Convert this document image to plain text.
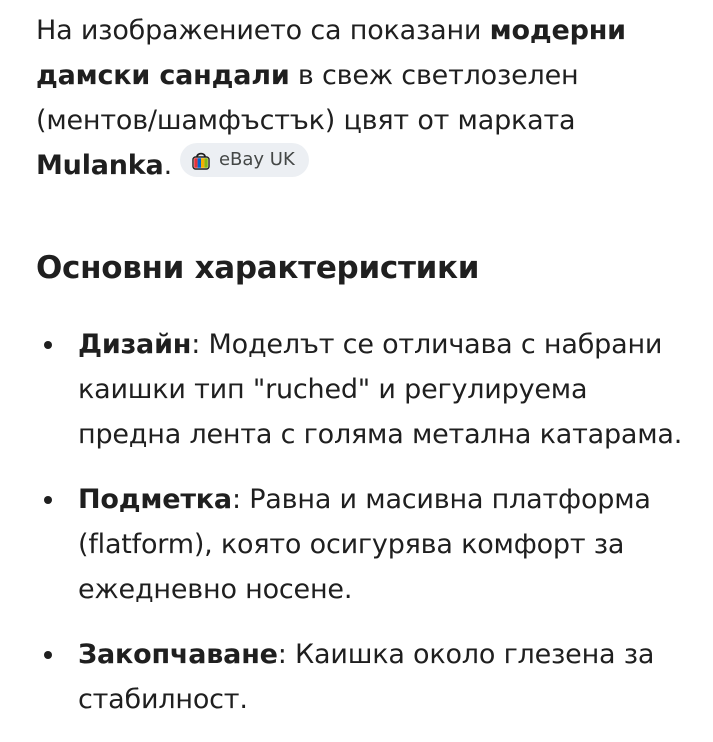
На изображението са показани модерни дамски сандали в свеж светлозелен (ментов/шамфъстък) цвят от марката Mulanka.	eBay UK

Основни характеристики
Дизайн: Моделът се отличава с набрани каишки тип "ruched" и регулируема предна лента с голяма метална катарама.
Подметка: Равна и масивна платформа (flatform), която осигурява комфорт за ежедневно носене.
Закопчаване: Каишка около глезена за стабилност.
